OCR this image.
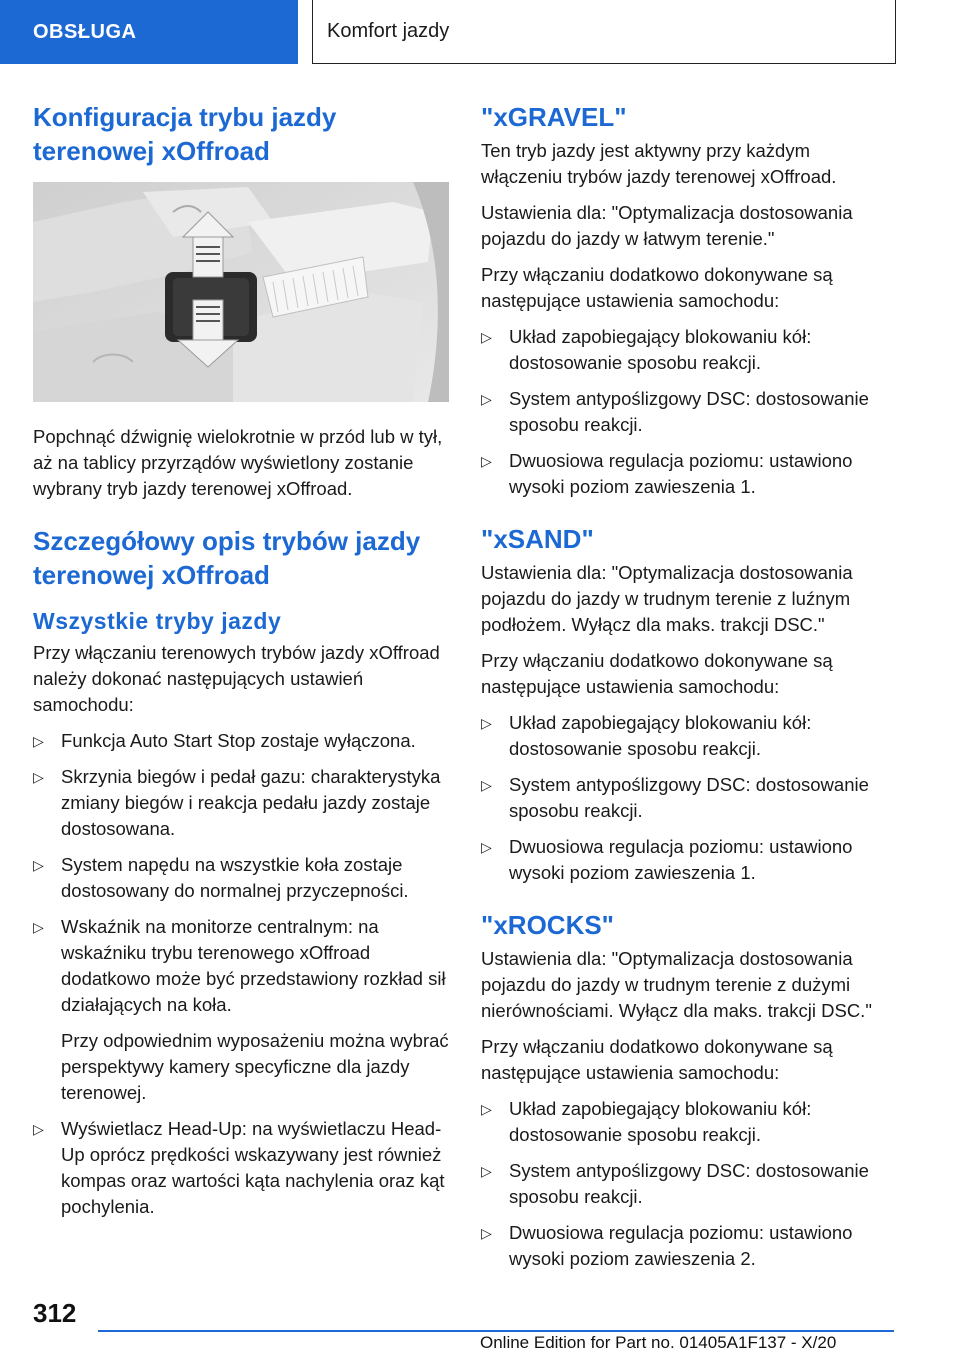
OBSŁUGA	Komfort jazdy
Konfiguracja trybu jazdy terenowej xOffroad

Popchnąć dźwignię wielokrotnie w przód lub w tył, aż na tablicy przyrządów wyświetlony zostanie wybrany tryb jazdy terenowej xOffroad.

Szczegółowy opis trybów jazdy terenowej xOffroad
Wszystkie tryby jazdy

Przy włączaniu terenowych trybów jazdy xOffroad należy dokonać następujących ustawień samochodu:

▷ Funkcja Auto Start Stop zostaje wyłączona.
▷ Skrzynia biegów i pedał gazu: charakterystyka zmiany biegów i reakcja pedału jazdy zostaje dostosowana.
▷ System napędu na wszystkie koła zostaje dostosowany do normalnej przyczepności.
▷ Wskaźnik na monitorze centralnym: na wskaźniku trybu terenowego xOffroad dodatkowo może być przedstawiony rozkład sił działających na koła.

Przy odpowiednim wyposażeniu można wybrać perspektywy kamery specyficzne dla jazdy terenowej.

▷ Wyświetlacz Head-Up: na wyświetlaczu Head-Up oprócz prędkości wskazywany jest również kompas oraz wartości kąta nachylenia oraz kąt pochylenia.
"xGRAVEL"

Ten tryb jazdy jest aktywny przy każdym włączeniu trybów jazdy terenowej xOffroad.

Ustawienia dla: "Optymalizacja dostosowania pojazdu do jazdy w łatwym terenie."

Przy włączaniu dodatkowo dokonywane są następujące ustawienia samochodu:

▷ Układ zapobiegający blokowaniu kół: dostosowanie sposobu reakcji.
▷ System antypoślizgowy DSC: dostosowanie sposobu reakcji.
▷ Dwuosiowa regulacja poziomu: ustawiono wysoki poziom zawieszenia 1.
"xSAND"

Ustawienia dla: "Optymalizacja dostosowania pojazdu do jazdy w trudnym terenie z luźnym podłożem. Wyłącz dla maks. trakcji DSC."

Przy włączaniu dodatkowo dokonywane są następujące ustawienia samochodu:

▷ Układ zapobiegający blokowaniu kół: dostosowanie sposobu reakcji.
▷ System antypoślizgowy DSC: dostosowanie sposobu reakcji.
▷ Dwuosiowa regulacja poziomu: ustawiono wysoki poziom zawieszenia 1.
"xROCKS"

Ustawienia dla: "Optymalizacja dostosowania pojazdu do jazdy w trudnym terenie z dużymi nierównościami. Wyłącz dla maks. trakcji DSC."

Przy włączaniu dodatkowo dokonywane są następujące ustawienia samochodu:

▷ Układ zapobiegający blokowaniu kół: dostosowanie sposobu reakcji.
▷ System antypoślizgowy DSC: dostosowanie sposobu reakcji.
▷ Dwuosiowa regulacja poziomu: ustawiono wysoki poziom zawieszenia 2.
312
Online Edition for Part no. 01405A1F137 - X/20
